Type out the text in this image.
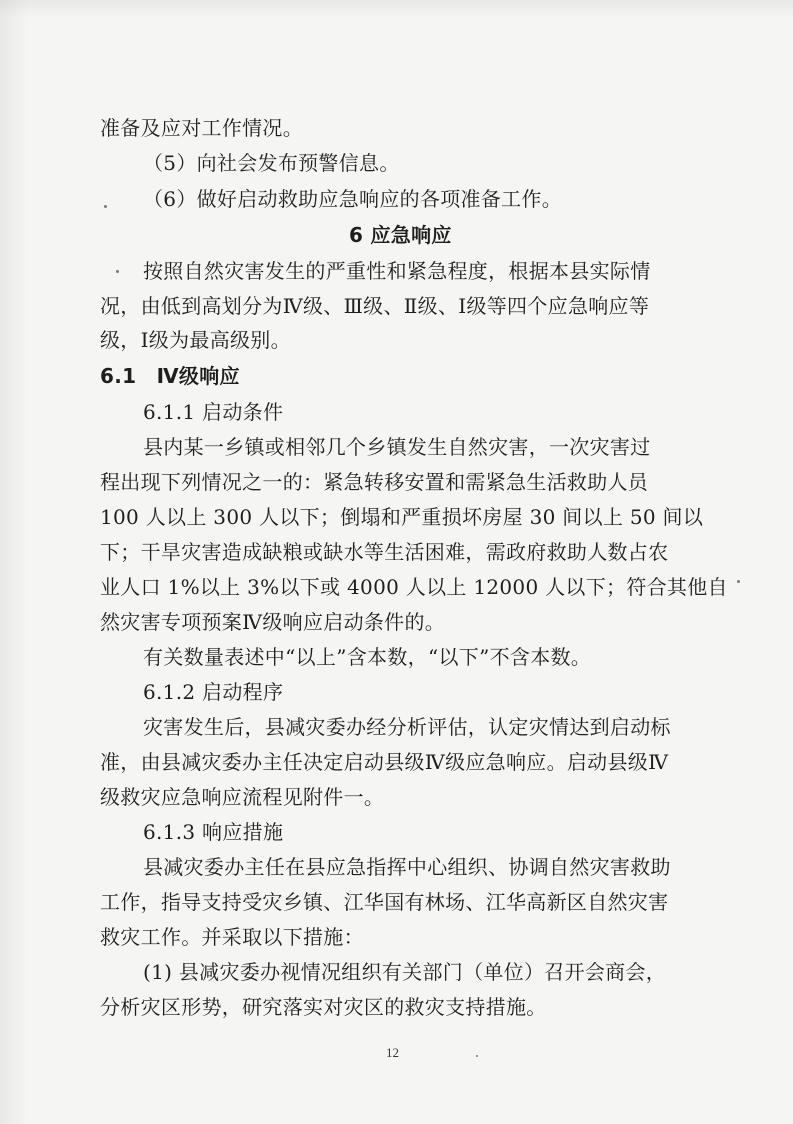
准备及应对工作情况。
（5）向社会发布预警信息。
（6）做好启动救助应急响应的各项准备工作。
6 应急响应
按照自然灾害发生的严重性和紧急程度，根据本县实际情
况，由低到高划分为Ⅳ级、Ⅲ级、Ⅱ级、Ⅰ级等四个应急响应等
级，Ⅰ级为最高级别。
6.1　Ⅳ级响应
6.1.1 启动条件
县内某一乡镇或相邻几个乡镇发生自然灾害，一次灾害过
程出现下列情况之一的：紧急转移安置和需紧急生活救助人员
100 人以上 300 人以下；倒塌和严重损坏房屋 30 间以上 50 间以
下；干旱灾害造成缺粮或缺水等生活困难，需政府救助人数占农
业人口 1%以上 3%以下或 4000 人以上 12000 人以下；符合其他自
然灾害专项预案Ⅳ级响应启动条件的。
有关数量表述中“以上”含本数，“以下”不含本数。
6.1.2 启动程序
灾害发生后，县减灾委办经分析评估，认定灾情达到启动标
准，由县减灾委办主任决定启动县级Ⅳ级应急响应。启动县级Ⅳ
级救灾应急响应流程见附件一。
6.1.3 响应措施
县减灾委办主任在县应急指挥中心组织、协调自然灾害救助
工作，指导支持受灾乡镇、江华国有林场、江华高新区自然灾害
救灾工作。并采取以下措施：
(1) 县减灾委办视情况组织有关部门（单位）召开会商会，
分析灾区形势，研究落实对灾区的救灾支持措施。
12
